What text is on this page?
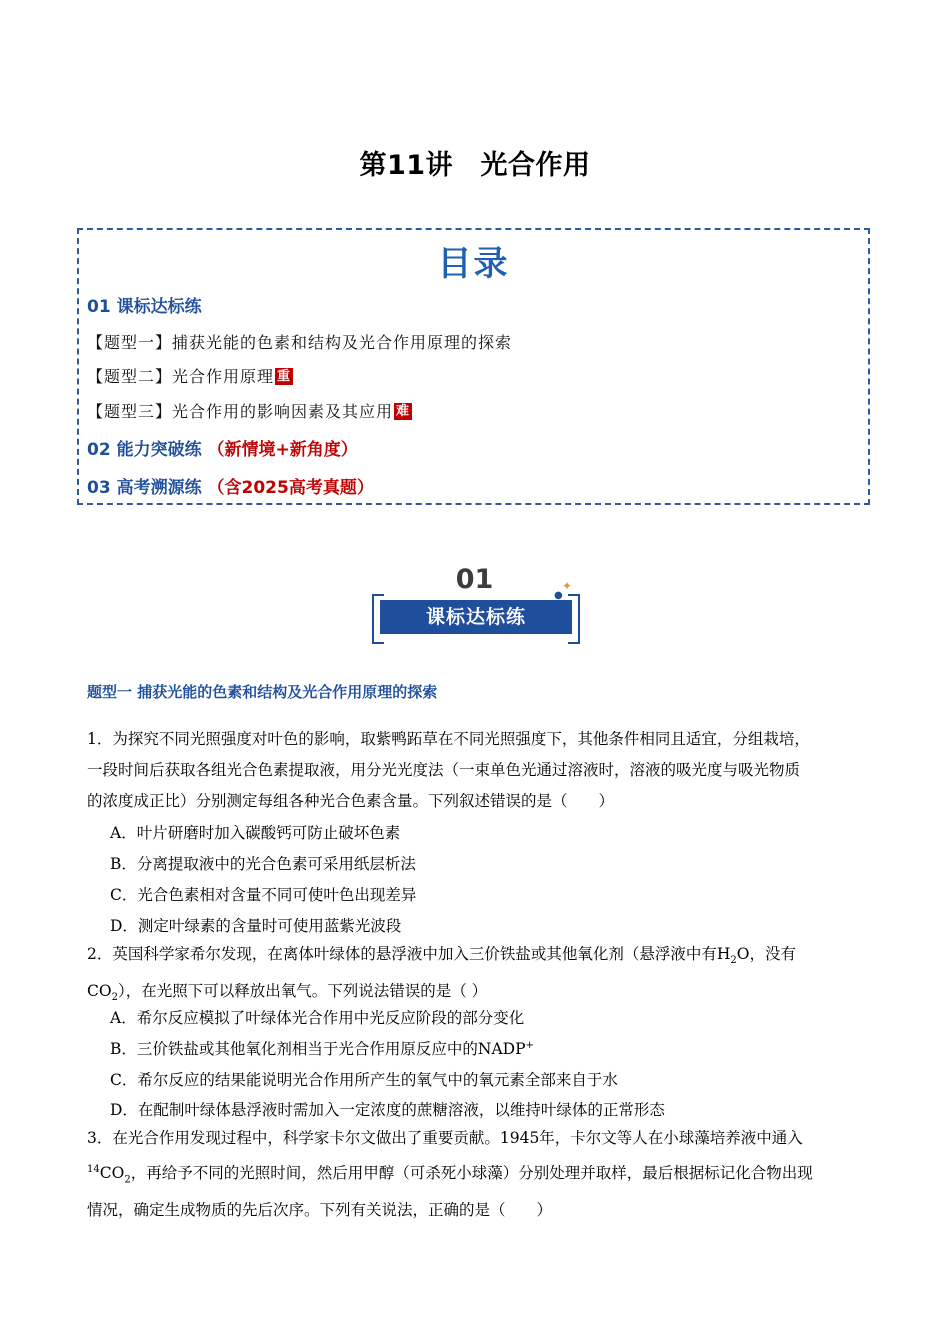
第11讲　光合作用
目录
01 课标达标练
【题型一】捕获光能的色素和结构及光合作用原理的探索
【题型二】光合作用原理 重
【题型三】光合作用的影响因素及其应用 难
02 能力突破练 （新情境+新角度）
03 高考溯源练 （含2025高考真题）
01
课标达标练
✦
●
题型一 捕获光能的色素和结构及光合作用原理的探索
1．为探究不同光照强度对叶色的影响，取紫鸭跖草在不同光照强度下，其他条件相同且适宜，分组栽培，
一段时间后获取各组光合色素提取液，用分光光度法（一束单色光通过溶液时，溶液的吸光度与吸光物质
的浓度成正比）分别测定每组各种光合色素含量。下列叙述错误的是（　　）
A．叶片研磨时加入碳酸钙可防止破坏色素
B．分离提取液中的光合色素可采用纸层析法
C．光合色素相对含量不同可使叶色出现差异
D．测定叶绿素的含量时可使用蓝紫光波段
2．英国科学家希尔发现，在离体叶绿体的悬浮液中加入三价铁盐或其他氧化剂（悬浮液中有$H_2O$，没有
$CO_2$），在光照下可以释放出氧气。下列说法错误的是（ ）
A．希尔反应模拟了叶绿体光合作用中光反应阶段的部分变化
B．三价铁盐或其他氧化剂相当于光合作用原反应中的NADP+
C．希尔反应的结果能说明光合作用所产生的氧气中的氧元素全部来自于水
D．在配制叶绿体悬浮液时需加入一定浓度的蔗糖溶液，以维持叶绿体的正常形态
3．在光合作用发现过程中，科学家卡尔文做出了重要贡献。1945年，卡尔文等人在小球藻培养液中通入
$^{14}CO_2$，再给予不同的光照时间，然后用甲醇（可杀死小球藻）分别处理并取样，最后根据标记化合物出现
情况，确定生成物质的先后次序。下列有关说法，正确的是（　　）
